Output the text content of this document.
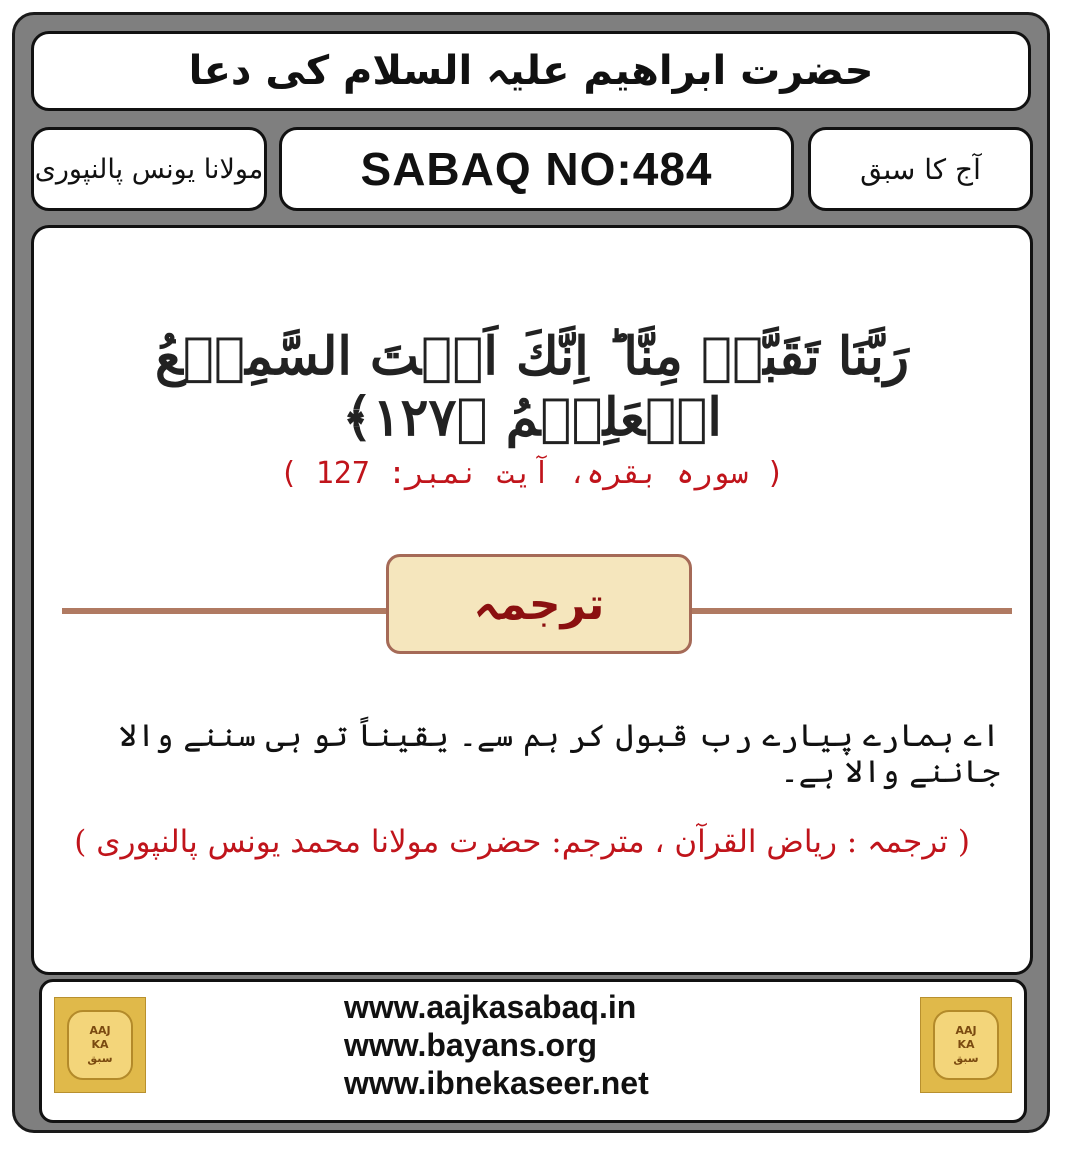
حضرت ابراھیم علیہ السلام کی دعا
مولانا یونس پالنپوری SABAQ NO:484	آج کا سبق
رَبَّنَا تَقَبَّلۡ مِنَّا ؕ اِنَّكَ اَنۡتَ السَّمِيۡعُ الۡعَلِيۡمُ ﴿۱۲۷﴾
( سورہ بقرہ، آیت نمبر: 127 )
ترجمہ
اے ہمارے پیارے رب قبول کر ہم سے۔ یقیناً تو ہی سننے والا جاننے والا ہے۔
( ترجمہ : ریاض القرآن ، مترجم: حضرت مولانا محمد یونس پالنپوری )
AAJ
KA
سبق
www.aajkasabaq.in
www.bayans.org
www.ibnekaseer.net
AAJ
KA
سبق
